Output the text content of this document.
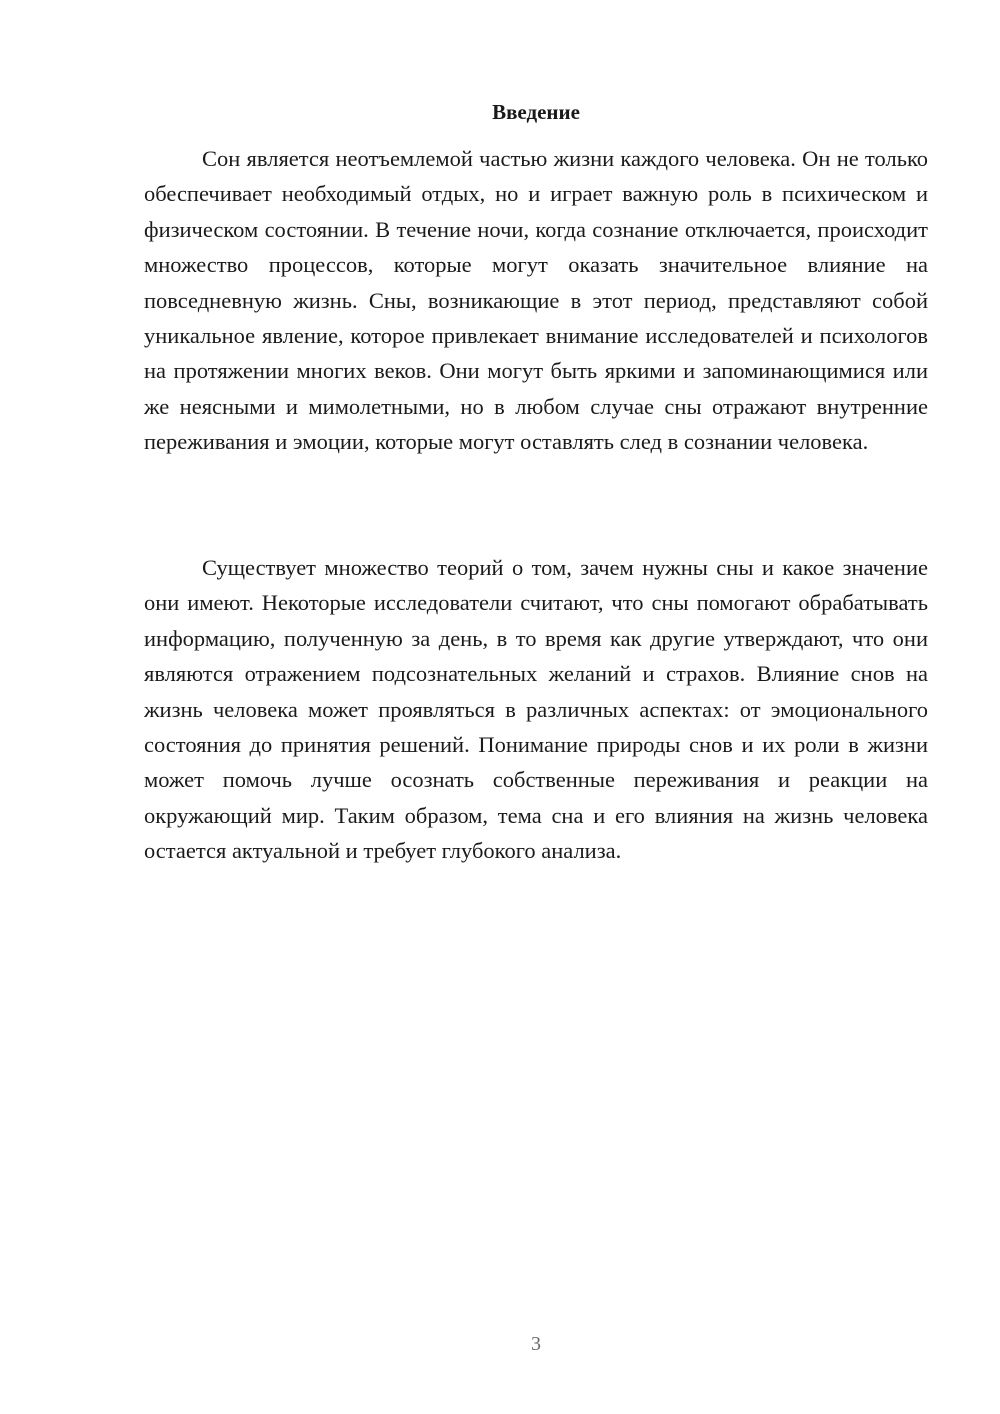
Введение

Сон является неотъемлемой частью жизни каждого человека. Он не только обеспечивает необходимый отдых, но и играет важную роль в психическом и физическом состоянии. В течение ночи, когда сознание отключается, происходит множество процессов, которые могут оказать значительное влияние на повседневную жизнь. Сны, возникающие в этот период, представляют собой уникальное явление, которое привлекает внимание исследователей и психологов на протяжении многих веков. Они могут быть яркими и запоминающимися или же неясными и мимолетными, но в любом случае сны отражают внутренние переживания и эмоции, которые могут оставлять след в сознании человека.

Существует множество теорий о том, зачем нужны сны и какое значение они имеют. Некоторые исследователи считают, что сны помогают обрабатывать информацию, полученную за день, в то время как другие утверждают, что они являются отражением подсознательных желаний и страхов. Влияние снов на жизнь человека может проявляться в различных аспектах: от эмоционального состояния до принятия решений. Понимание природы снов и их роли в жизни может помочь лучше осознать собственные переживания и реакции на окружающий мир. Таким образом, тема сна и его влияния на жизнь человека остается актуальной и требует глубокого анализа.

3
